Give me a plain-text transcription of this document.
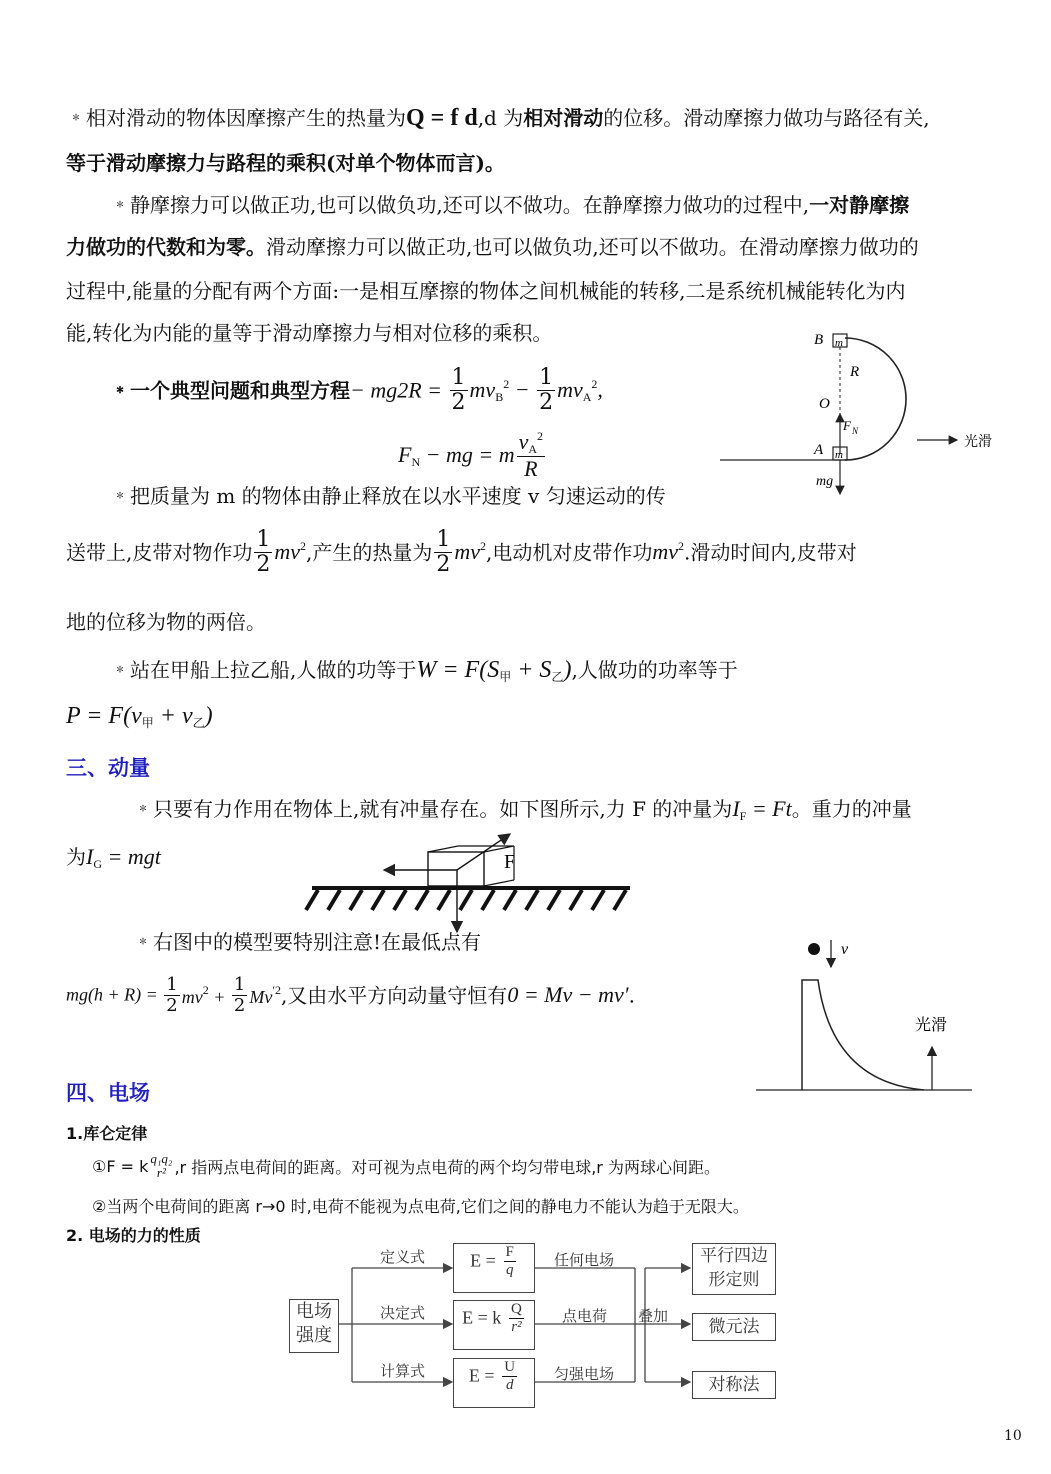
﹡相对滑动的物体因摩擦产生的热量为Q = f d,d 为相对滑动的位移。滑动摩擦力做功与路径有关,
等于滑动摩擦力与路程的乘积(对单个物体而言)。
﹡静摩擦力可以做正功,也可以做负功,还可以不做功。在静摩擦力做功的过程中,一对静摩擦
力做功的代数和为零。滑动摩擦力可以做正功,也可以做负功,还可以不做功。在滑动摩擦力做功的
过程中,能量的分配有两个方面:一是相互摩擦的物体之间机械能的转移,二是系统机械能转化为内
能,转化为内能的量等于滑动摩擦力与相对位移的乘积。
﹡一个典型问题和典型方程− $mg2R = \frac{1}{2} mv_B^2 - \frac{1}{2} mv_A^2$,
$F_N$ − mg = m $\frac{v_A^2}{R}$
B m
R
O
F N
A m
mg
光滑
﹡把质量为 m 的物体由静止释放在以水平速度 v 匀速运动的传
送带上,皮带对物作功 $\frac{1}{2} mv^2$,产生的热量为 $\frac{1}{2} mv^2$,电动机对皮带作功$mv^2$.滑动时间内,皮带对
地的位移为物的两倍。
﹡站在甲船上拉乙船,人做的功等于$W = F(S_甲 + S_乙)$,人做功的功率等于
$P = F(v_甲 + v_乙)$
三、动量
﹡只要有力作用在物体上,就有冲量存在。如下图所示,力 F 的冲量为$I_F = Ft$。重力的冲量
为$I_G$ = mgt	F
﹡右图中的模型要特别注意!在最低点有
$mg(h + R) = \frac{1}{2} mv^2 + \frac{1}{2} Mv^{'2}$,又由水平方向动量守恒有0 = Mv − mv′.
v
光滑
四、电场
1.库仑定律
①F = k q₁q₂
r² ,r 指两点电荷间的距离。对可视为点电荷的两个均匀带电球,r 为两球心间距。
②当两个电荷间的距离 r→0 时,电荷不能视为点电荷,它们之间的静电力不能认为趋于无限大。
2. 电场的力的性质
电场
强度
定义式
决定式
计算式
$E = \frac{F}{q}$
E = k $\frac{Q}{\text{r²}}$
$E = \frac{U}{d}$
任何电场
点电荷
匀强电场
叠加
平行四边
形定则
微元法
对称法
10
